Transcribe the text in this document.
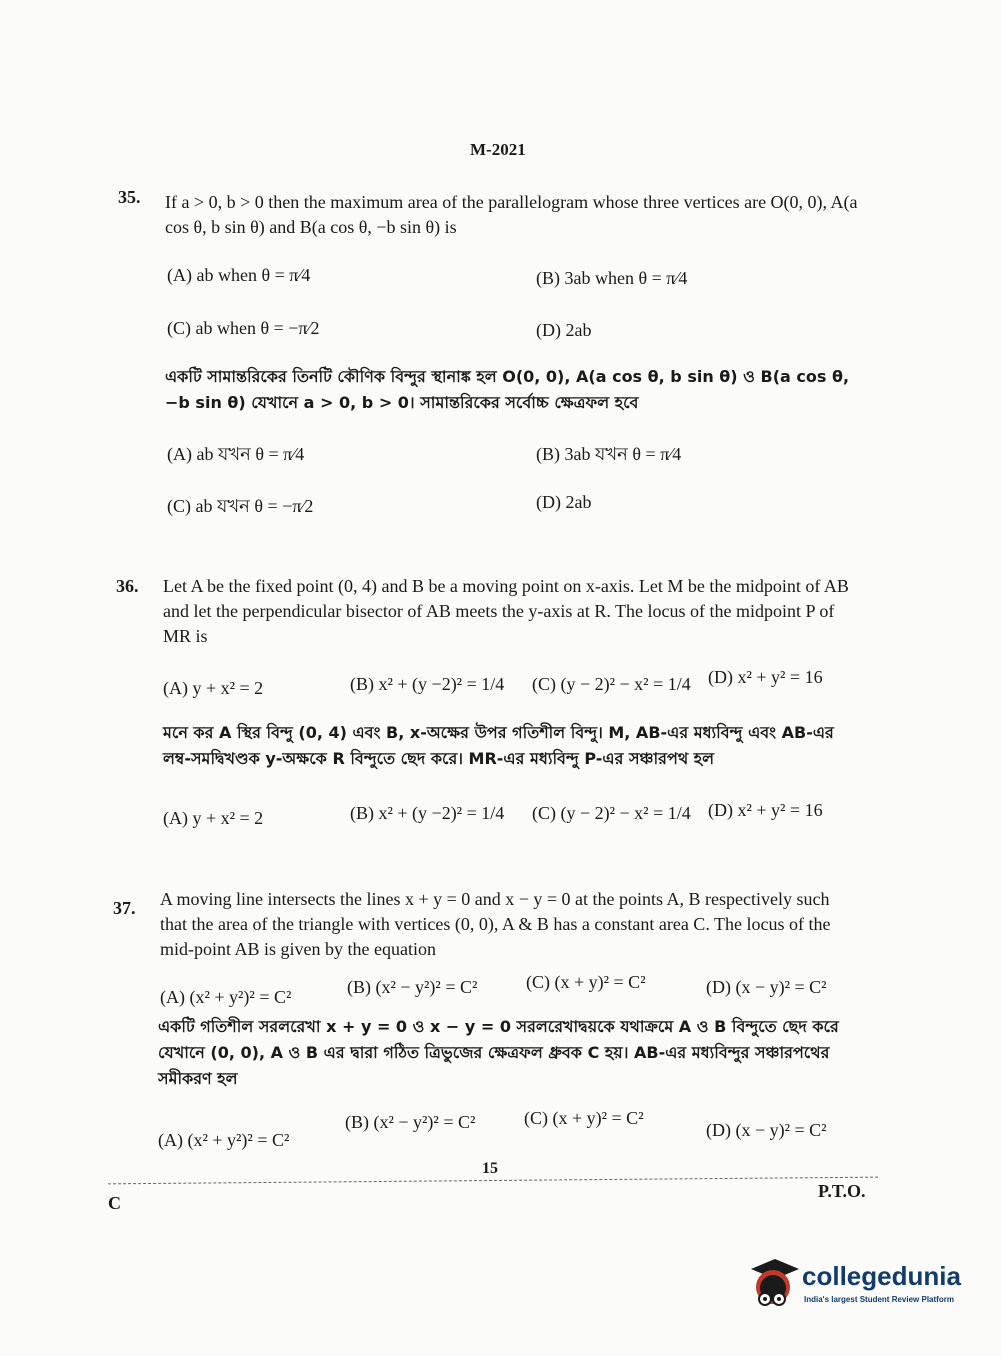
M-2021
35. If a > 0, b > 0 then the maximum area of the parallelogram whose three vertices are O(0, 0), A(a cos θ, b sin θ) and B(a cos θ, −b sin θ) is
(A) ab when θ = π⁄4	(B) 3ab when θ = π⁄4
(C) ab when θ = −π⁄2	(D) 2ab
একটি সামান্তরিকের তিনটি কৌণিক বিন্দুর স্থানাঙ্ক হল O(0, 0), A(a cos θ, b sin θ) ও B(a cos θ, −b sin θ) যেখানে a > 0, b > 0। সামান্তরিকের সর্বোচ্চ ক্ষেত্রফল হবে
(A) ab যখন θ = π⁄4	(B) 3ab যখন θ = π⁄4
(C) ab যখন θ = −π⁄2	(D) 2ab
36. Let A be the fixed point (0, 4) and B be a moving point on x-axis. Let M be the midpoint of AB and let the perpendicular bisector of AB meets the y-axis at R. The locus of the midpoint P of MR is
(A) y + x² = 2	(B) x² + (y −2)² = 1/4 (C) (y − 2)² − x² = 1/4 (D) x² + y² = 16
মনে কর A স্থির বিন্দু (0, 4) এবং B, x-অক্ষের উপর গতিশীল বিন্দু। M, AB-এর মধ্যবিন্দু এবং AB-এর লম্ব-সমদ্বিখণ্ডক y-অক্ষকে R বিন্দুতে ছেদ করে। MR-এর মধ্যবিন্দু P-এর সঞ্চারপথ হল
(A) y + x² = 2	(B) x² + (y −2)² = 1/4 (C) (y − 2)² − x² = 1/4 (D) x² + y² = 16
37. A moving line intersects the lines x + y = 0 and x − y = 0 at the points A, B respectively such that the area of the triangle with vertices (0, 0), A & B has a constant area C. The locus of the mid-point AB is given by the equation
(A) (x² + y²)² = C²	(B) (x² − y²)² = C²	(C) (x + y)² = C²	(D) (x − y)² = C²
একটি গতিশীল সরলরেখা x + y = 0 ও x − y = 0 সরলরেখাদ্বয়কে যথাক্রমে A ও B বিন্দুতে ছেদ করে যেখানে (0, 0), A ও B এর দ্বারা গঠিত ত্রিভুজের ক্ষেত্রফল ধ্রুবক C হয়। AB-এর মধ্যবিন্দুর সঞ্চারপথের সমীকরণ হল
(A) (x² + y²)² = C²
(B) (x² − y²)² = C²	(C) (x + y)² = C²
(D) (x − y)² = C²
15
C
P.T.O.
collegedunia
India's largest Student Review Platform
